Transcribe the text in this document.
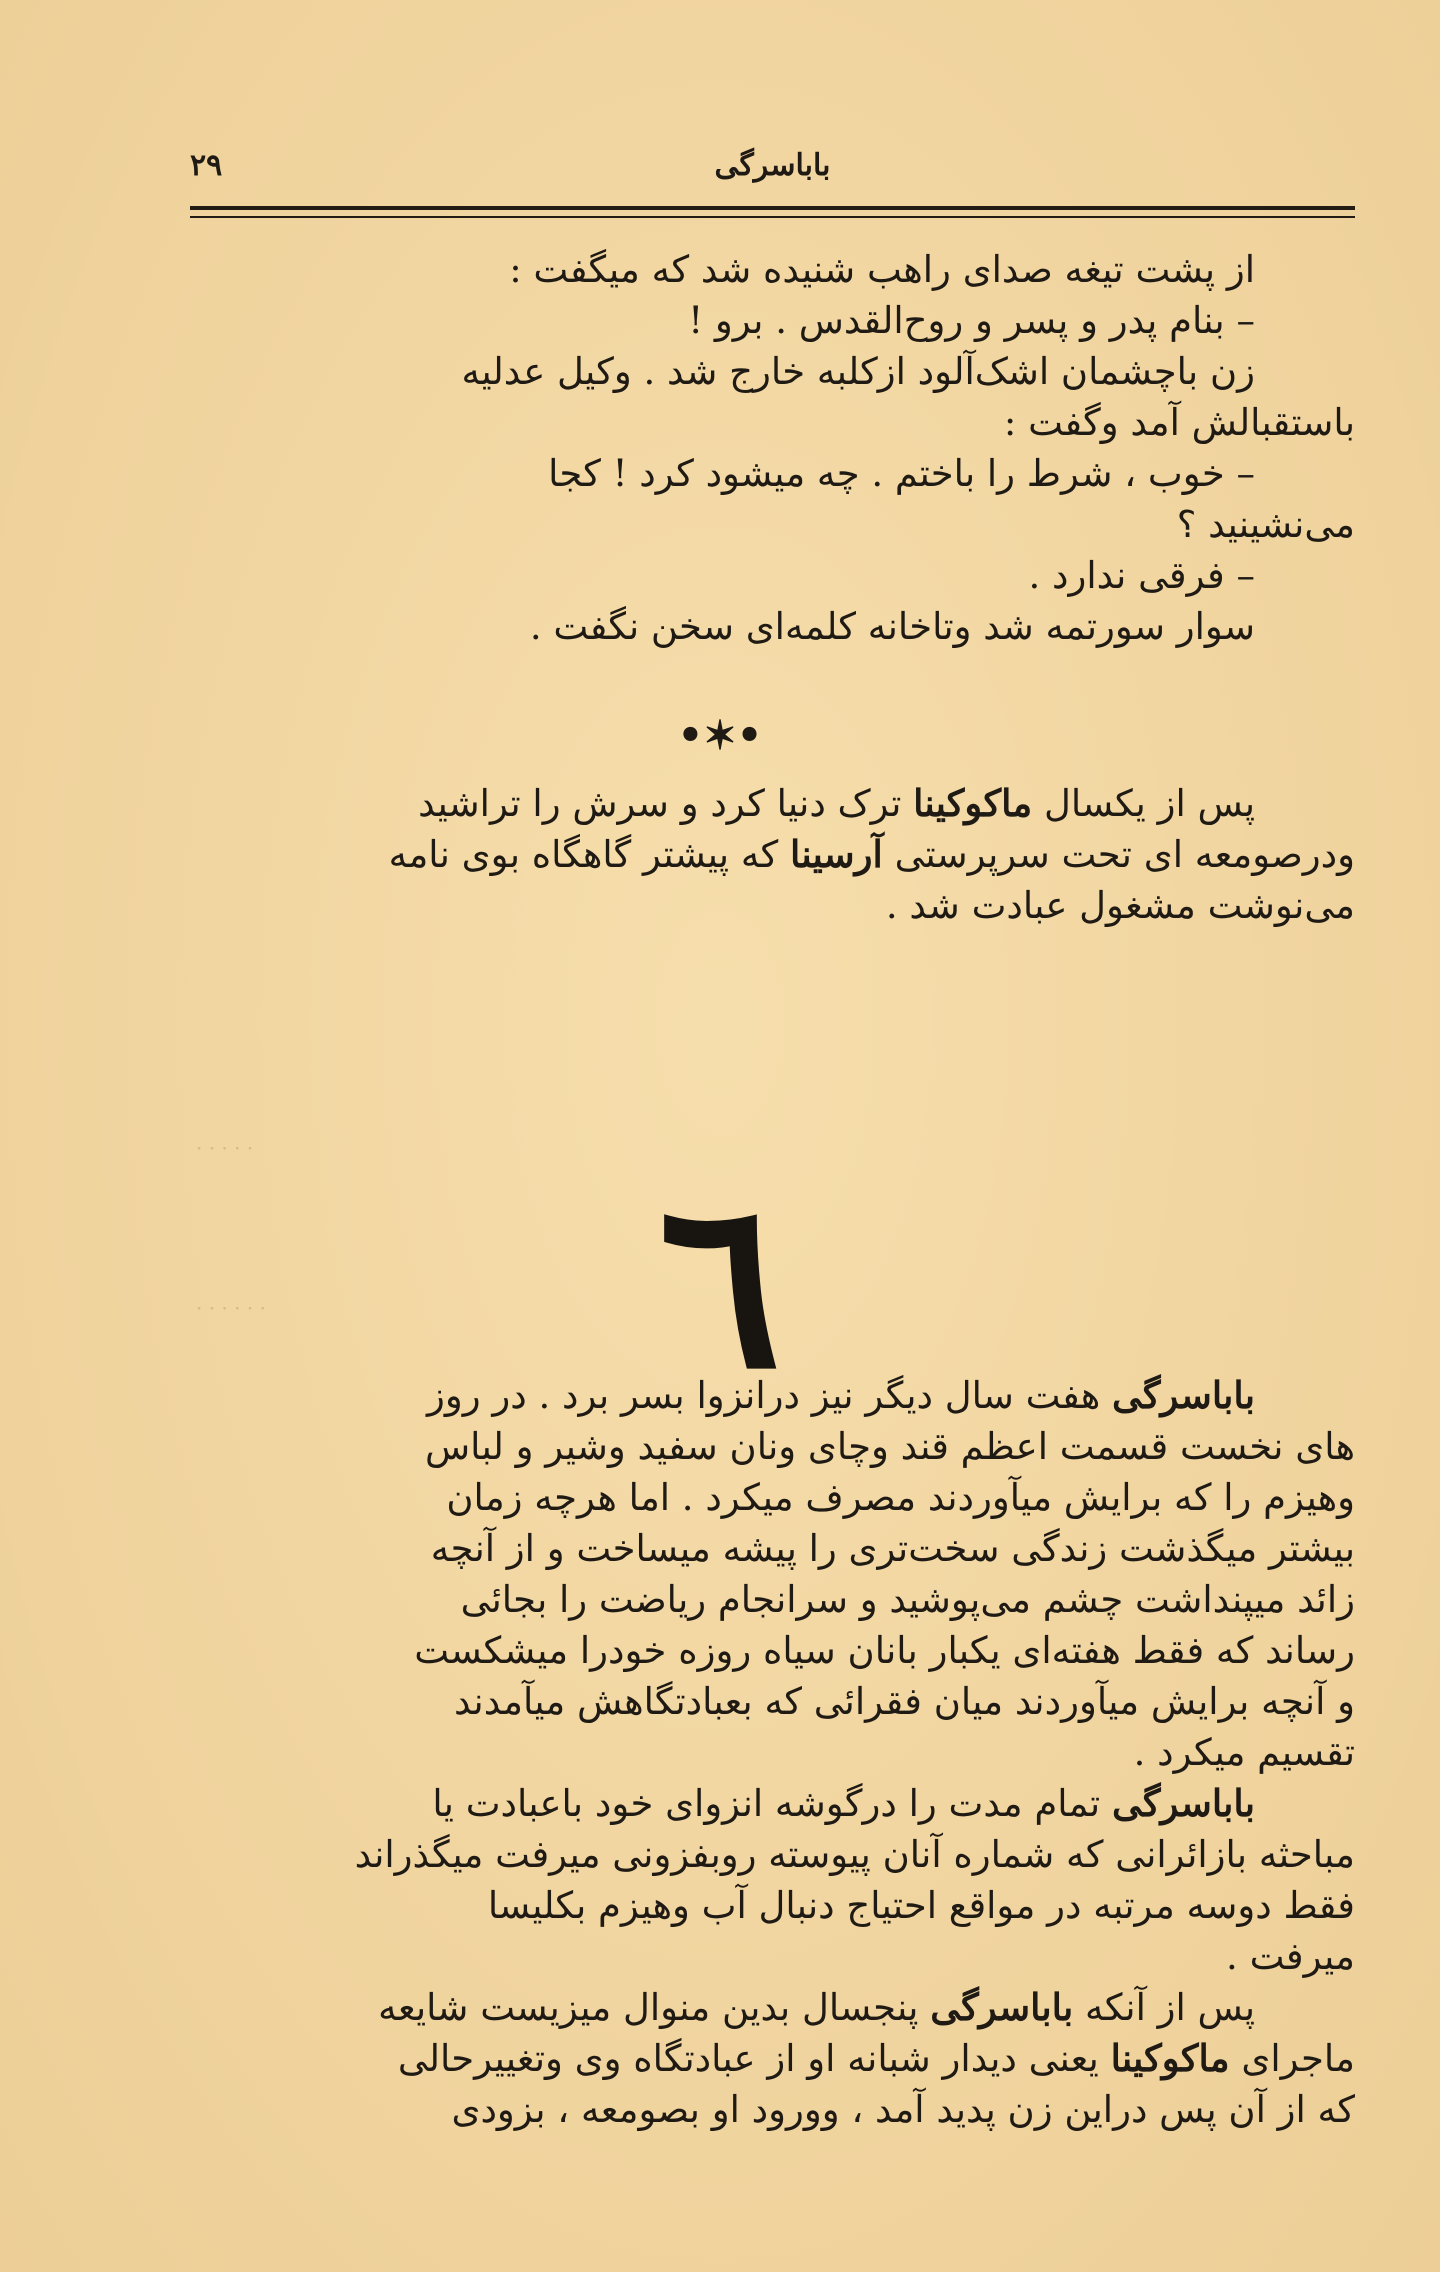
باباسرگی
۲۹
از پشت تیغه صدای راهب شنیده شد که میگفت :
– بنام پدر و پسر و روح‌القدس . برو !
زن باچشمان اشک‌آلود ازکلبه خارج شد . وکیل عدلیه
باستقبالش آمد وگفت :
– خوب ، شرط را باختم . چه میشود کرد ! کجا
می‌نشینید ؟
– فرقی ندارد .
سوار سورتمه شد وتاخانه کلمه‌ای سخن نگفت .
•✶•
پس از یکسال ماکوکینا ترک دنیا کرد و سرش را تراشید
ودرصومعه ای تحت سرپرستی آرسینا که پیشتر گاهگاه بوی نامه
می‌نوشت مشغول عبادت شد .
· · · · ·
· · · · · ·	٦	باباسرگی هفت سال دیگر نیز درانزوا بسر برد . در روز
های نخست قسمت اعظم قند وچای ونان سفید وشیر و لباس
وهیزم را که برایش میآوردند مصرف میکرد . اما هرچه زمان
بیشتر میگذشت زندگی سخت‌تری را پیشه میساخت و از آنچه
زائد میپنداشت چشم می‌پوشید و سرانجام ریاضت را بجائی
رساند که فقط هفته‌ای یکبار بانان سیاه روزه خودرا میشکست
و آنچه برایش میآوردند میان فقرائی که بعبادتگاهش میآمدند
تقسیم میکرد .
باباسرگی تمام مدت را درگوشه انزوای خود باعبادت یا
مباحثه بازائرانی که شماره آنان پیوسته روبفزونی میرفت میگذراند
فقط دوسه مرتبه در مواقع احتیاج دنبال آب وهیزم بکلیسا
میرفت .
پس از آنکه باباسرگی پنجسال بدین منوال میزیست شایعه
ماجرای ماکوکینا یعنی دیدار شبانه او از عبادتگاه وی وتغییرحالی
که از آن پس دراین زن پدید آمد ، وورود او بصومعه ، بزودی
